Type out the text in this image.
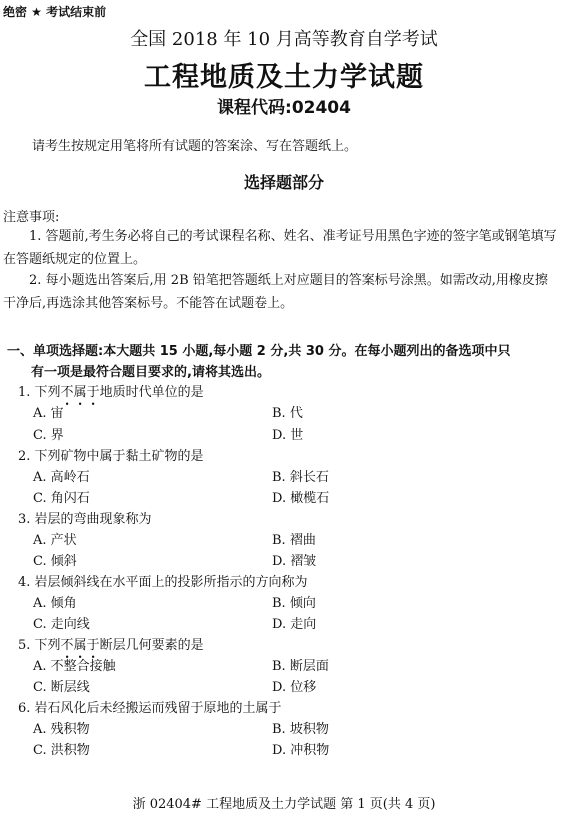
绝密 ★ 考试结束前
全国 2018 年 10 月高等教育自学考试
工程地质及土力学试题
课程代码:02404
请考生按规定用笔将所有试题的答案涂、写在答题纸上。
选择题部分
注意事项:
1. 答题前,考生务必将自己的考试课程名称、姓名、准考证号用黑色字迹的签字笔或钢笔填写在答题纸规定的位置上。
2. 每小题选出答案后,用 2B 铅笔把答题纸上对应题目的答案标号涂黑。如需改动,用橡皮擦干净后,再选涂其他答案标号。不能答在试题卷上。
一、单项选择题:本大题共 15 小题,每小题 2 分,共 30 分。在每小题列出的备选项中只
有一项是最符合题目要求的,请将其选出。
1. 下列不属于地质时代单位的是
A. 宙	B. 代
C. 界	D. 世
2. 下列矿物中属于黏土矿物的是
A. 高岭石	B. 斜长石
C. 角闪石	D. 橄榄石
3. 岩层的弯曲现象称为
A. 产状	B. 褶曲
C. 倾斜	D. 褶皱
4. 岩层倾斜线在水平面上的投影所指示的方向称为
A. 倾角	B. 倾向
C. 走向线	D. 走向
5. 下列不属于断层几何要素的是
A. 不整合接触	B. 断层面
C. 断层线	D. 位移
6. 岩石风化后未经搬运而残留于原地的土属于
A. 残积物	B. 坡积物
C. 洪积物	D. 冲积物
浙 02404# 工程地质及土力学试题 第 1 页(共 4 页)
